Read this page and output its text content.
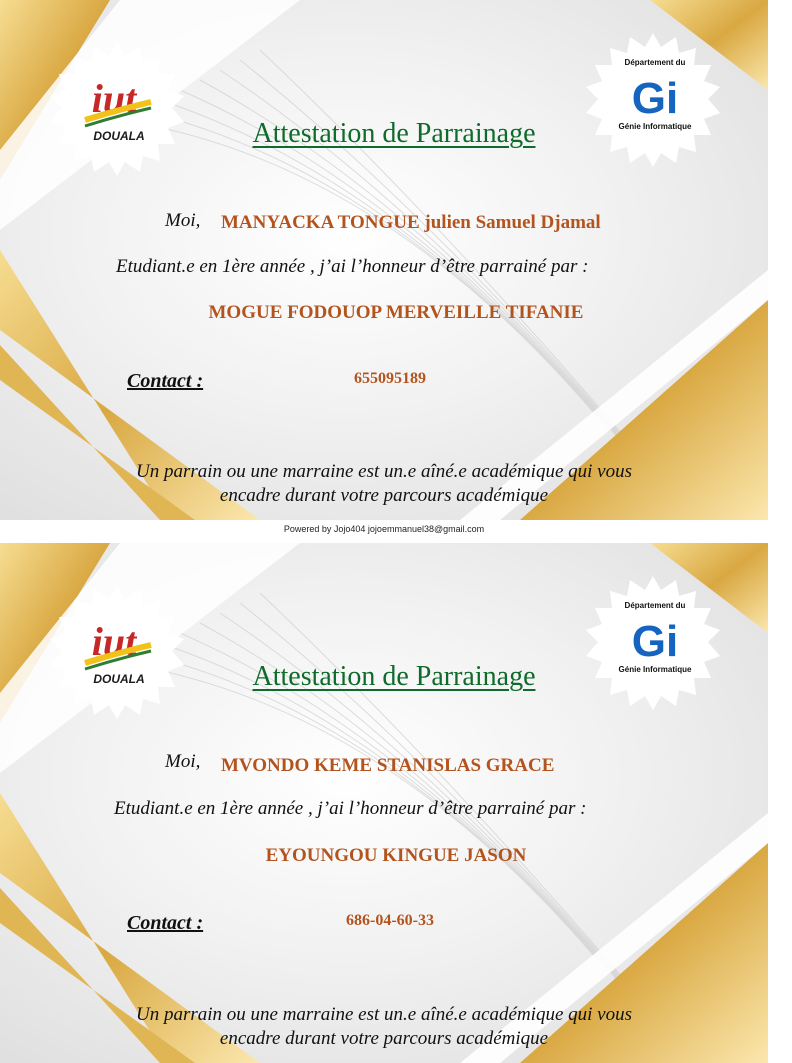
iut
DOUALA
Département du
Gi
Génie Informatique
Attestation de Parrainage
Moi, MANYACKA TONGUE julien Samuel Djamal
Etudiant.e en 1ère année , j’ai l’honneur d’être parrainé par :
MOGUE FODOUOP MERVEILLE TIFANIE
Contact :	655095189
Un parrain ou une marraine est un.e aîné.e académique qui vous
encadre durant votre parcours académique
Powered by Jojo404 jojoemmanuel38@gmail.com
iut
DOUALA
Département du
Gi
Génie Informatique
Attestation de Parrainage
Moi, MVONDO KEME STANISLAS GRACE
Etudiant.e en 1ère année , j’ai l’honneur d’être parrainé par :
EYOUNGOU KINGUE JASON
Contact :	686-04-60-33
Un parrain ou une marraine est un.e aîné.e académique qui vous
encadre durant votre parcours académique
